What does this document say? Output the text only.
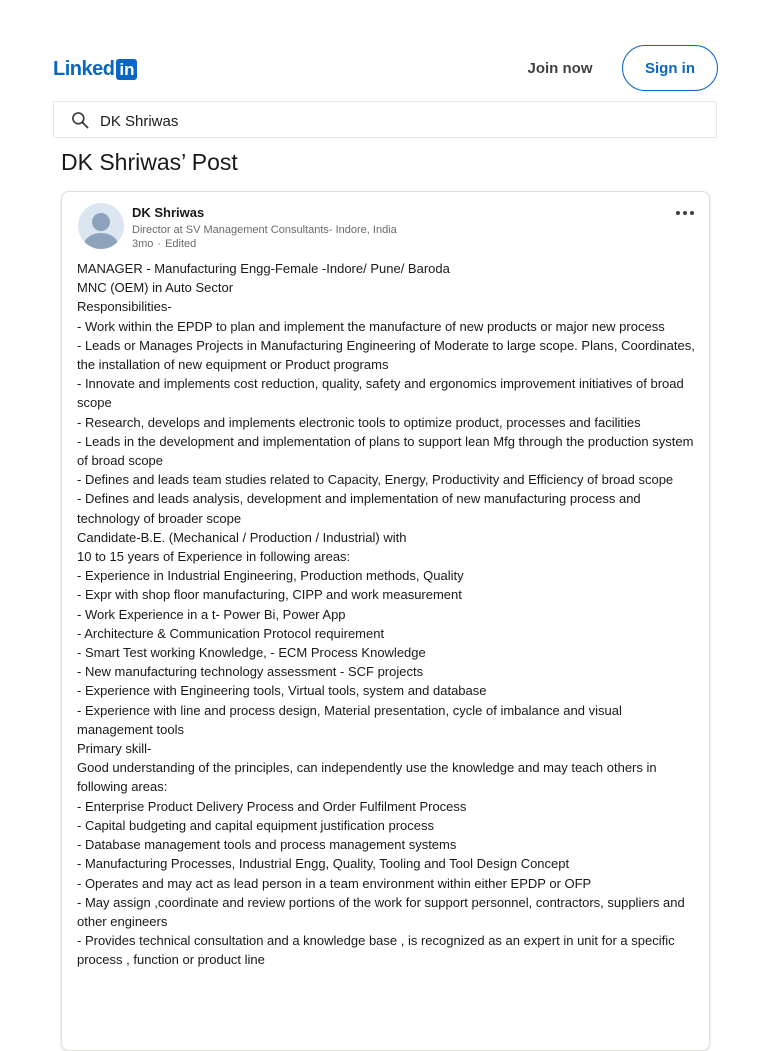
Linked in	Join now	Sign in
DK Shriwas
DK Shriwas’ Post
DK Shriwas
Director at SV Management Consultants- Indore, India
3mo · Edited
MANAGER - Manufacturing Engg-Female -Indore/ Pune/ Baroda
MNC (OEM) in Auto Sector
Responsibilities-
- Work within the EPDP to plan and implement the manufacture of new products or major new process
- Leads or Manages Projects in Manufacturing Engineering of Moderate to large scope. Plans, Coordinates, the installation of new equipment or Product programs
- Innovate and implements cost reduction, quality, safety and ergonomics improvement initiatives of broad scope
- Research, develops and implements electronic tools to optimize product, processes and facilities
- Leads in the development and implementation of plans to support lean Mfg through the production system of broad scope
- Defines and leads team studies related to Capacity, Energy, Productivity and Efficiency of broad scope
- Defines and leads analysis, development and implementation of new manufacturing process and technology of broader scope
Candidate-B.E. (Mechanical / Production / Industrial) with
10 to 15 years of Experience in following areas:
- Experience in Industrial Engineering, Production methods, Quality
- Expr with shop floor manufacturing, CIPP and work measurement
- Work Experience in a t- Power Bi, Power App
- Architecture & Communication Protocol requirement
- Smart Test working Knowledge, - ECM Process Knowledge
- New manufacturing technology assessment - SCF projects
- Experience with Engineering tools, Virtual tools, system and database
- Experience with line and process design, Material presentation, cycle of imbalance and visual management tools
Primary skill-
Good understanding of the principles, can independently use the knowledge and may teach others in following areas:
- Enterprise Product Delivery Process and Order Fulfilment Process
- Capital budgeting and capital equipment justification process
- Database management tools and process management systems
- Manufacturing Processes, Industrial Engg, Quality, Tooling and Tool Design Concept
- Operates and may act as lead person in a team environment within either EPDP or OFP
- May assign ,coordinate and review portions of the work for support personnel, contractors, suppliers and other engineers
- Provides technical consultation and a knowledge base , is recognized as an expert in unit for a specific process , function or product line
